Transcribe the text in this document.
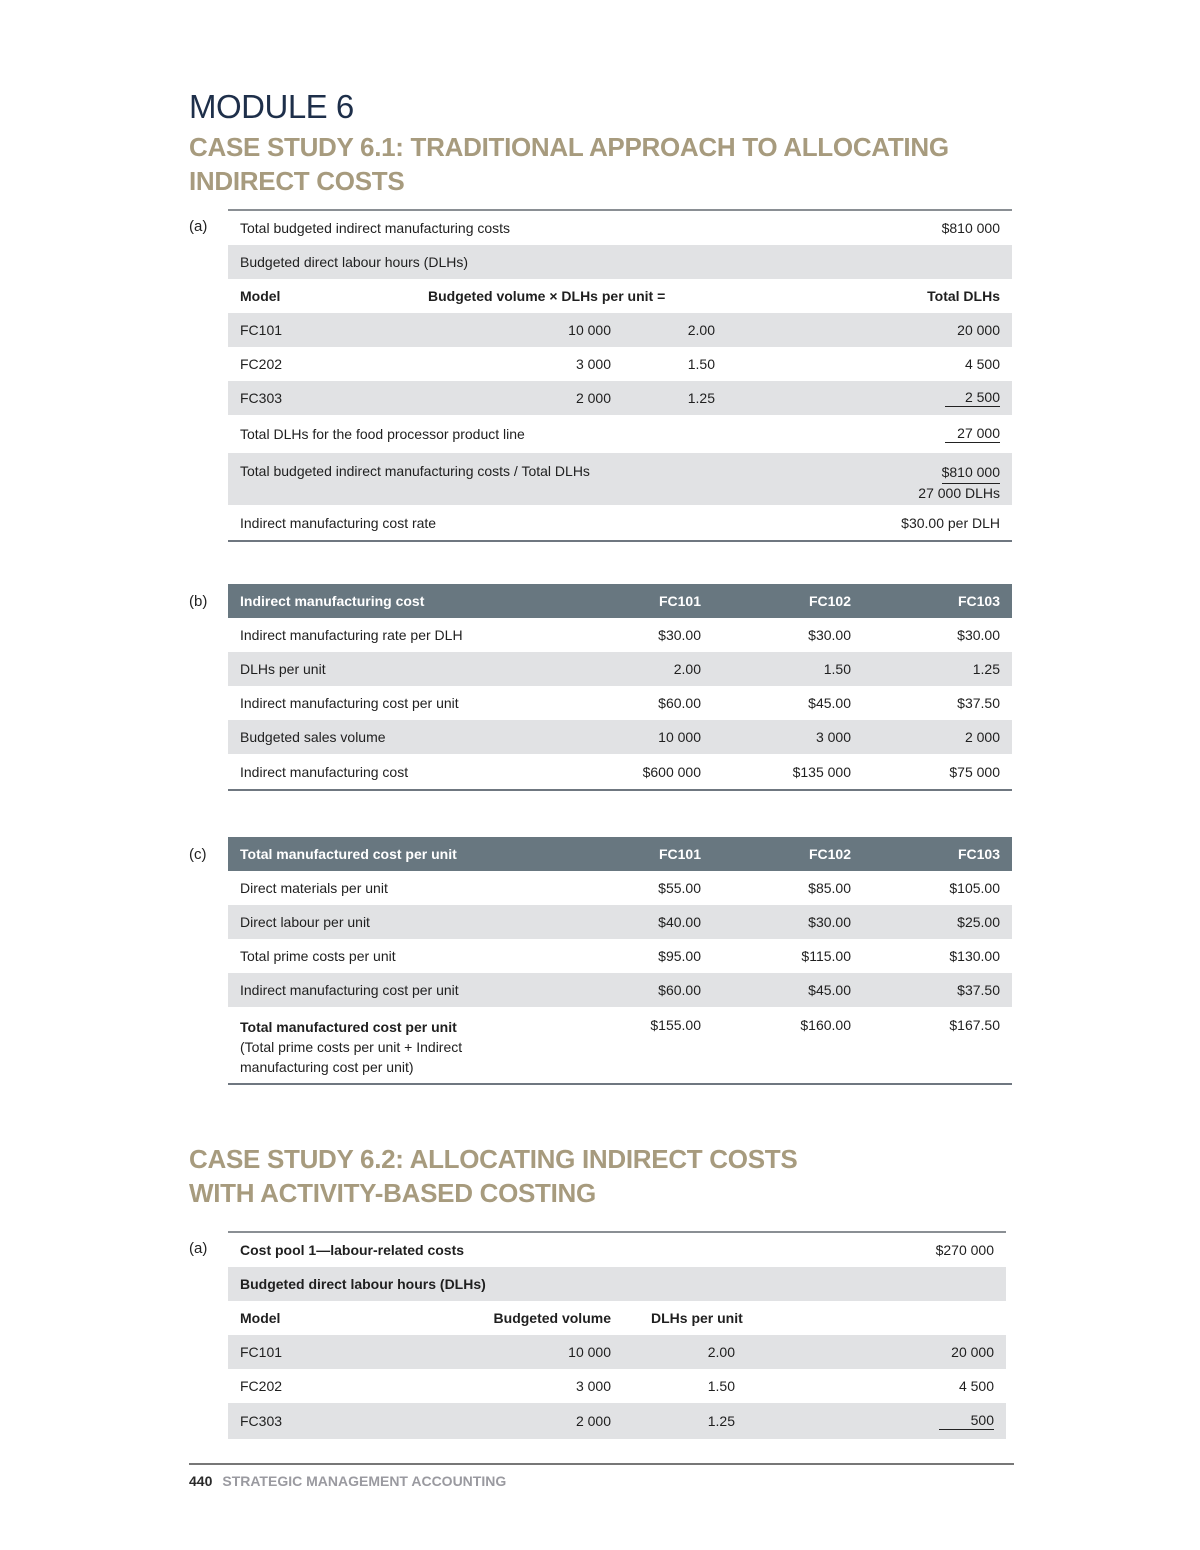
MODULE 6
CASE STUDY 6.1: TRADITIONAL APPROACH TO ALLOCATING
INDIRECT COSTS
(a) Total budgeted indirect manufacturing costs			$810 000
Budgeted direct labour hours (DLHs)			
Model	Budgeted volume × DLHs per unit =		Total DLHs
FC101	10 000	2.00	20 000
FC202	3 000	1.50	4 500
FC303	2 000	1.25	2 500
Total DLHs for the food processor product line			27 000
Total budgeted indirect manufacturing costs / Total DLHs			$810 000
27 000 DLHs
Indirect manufacturing cost rate			$30.00 per DLH
(b) Indirect manufacturing cost	FC101	FC102	FC103
Indirect manufacturing rate per DLH	$30.00	$30.00	$30.00
DLHs per unit	2.00	1.50	1.25
Indirect manufacturing cost per unit	$60.00	$45.00	$37.50
Budgeted sales volume	10 000	3 000	2 000
Indirect manufacturing cost	$600 000	$135 000	$75 000
(c) Total manufactured cost per unit	FC101	FC102	FC103
Direct materials per unit	$55.00	$85.00	$105.00
Direct labour per unit	$40.00	$30.00	$25.00
Total prime costs per unit	$95.00	$115.00	$130.00
Indirect manufacturing cost per unit	$60.00	$45.00	$37.50

Total manufactured cost per unit
(Total prime costs per unit + Indirect
manufacturing cost per unit)	$155.00	$160.00	$167.50
CASE STUDY 6.2: ALLOCATING INDIRECT COSTS
WITH ACTIVITY-BASED COSTING
(a) Cost pool 1—labour-related costs			$270 000
Budgeted direct labour hours (DLHs)			
Model	Budgeted volume	DLHs per unit	
FC101	10 000	2.00	20 000
FC202	3 000	1.50	4 500
FC303	2 000	1.25	500
440 STRATEGIC MANAGEMENT ACCOUNTING
